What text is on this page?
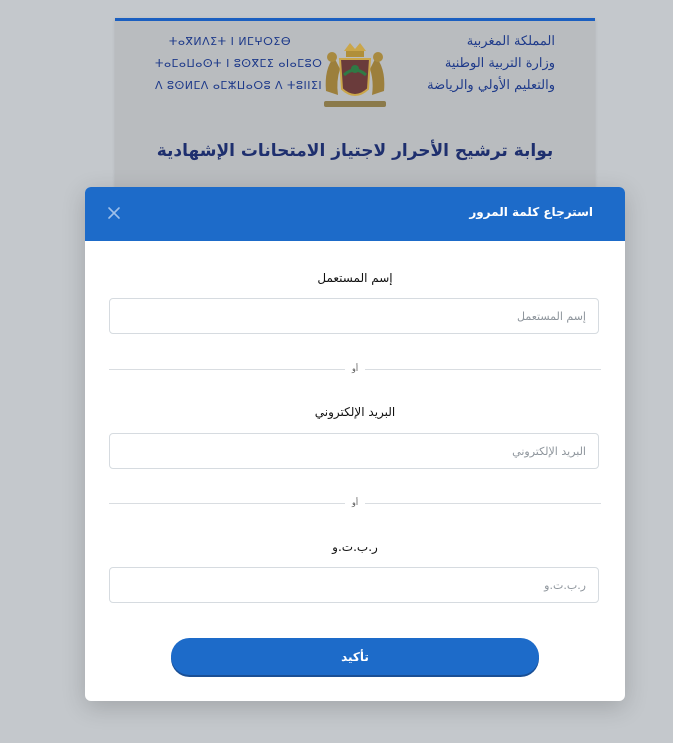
ⵜⴰⴳⵍⴷⵉⵜ ⵏ ⵍⵎⵖⵔⵉⴱ
ⵜⴰⵎⴰⵡⴰⵙⵜ ⵏ ⵓⵙⴳⵎⵉ ⴰⵏⴰⵎⵓⵔ
ⴷ ⵓⵙⵍⵎⴷ ⴰⵎⵣⵡⴰⵔⵓ ⴷ ⵜⵓⵏⵏⵉⵏ
المملكة المغربية
وزارة التربية الوطنية
والتعليم الأولي والرياضة
بوابة ترشيح الأحرار لاجتياز الامتحانات الإشهادية
استرجاع كلمة المرور
إسم المستعمل
إسم المستعمل
أو
البريد الإلكتروني
البريد الإلكتروني
أو
ر.ب.ت.و
ر.ب.ت.و
تأكيد
